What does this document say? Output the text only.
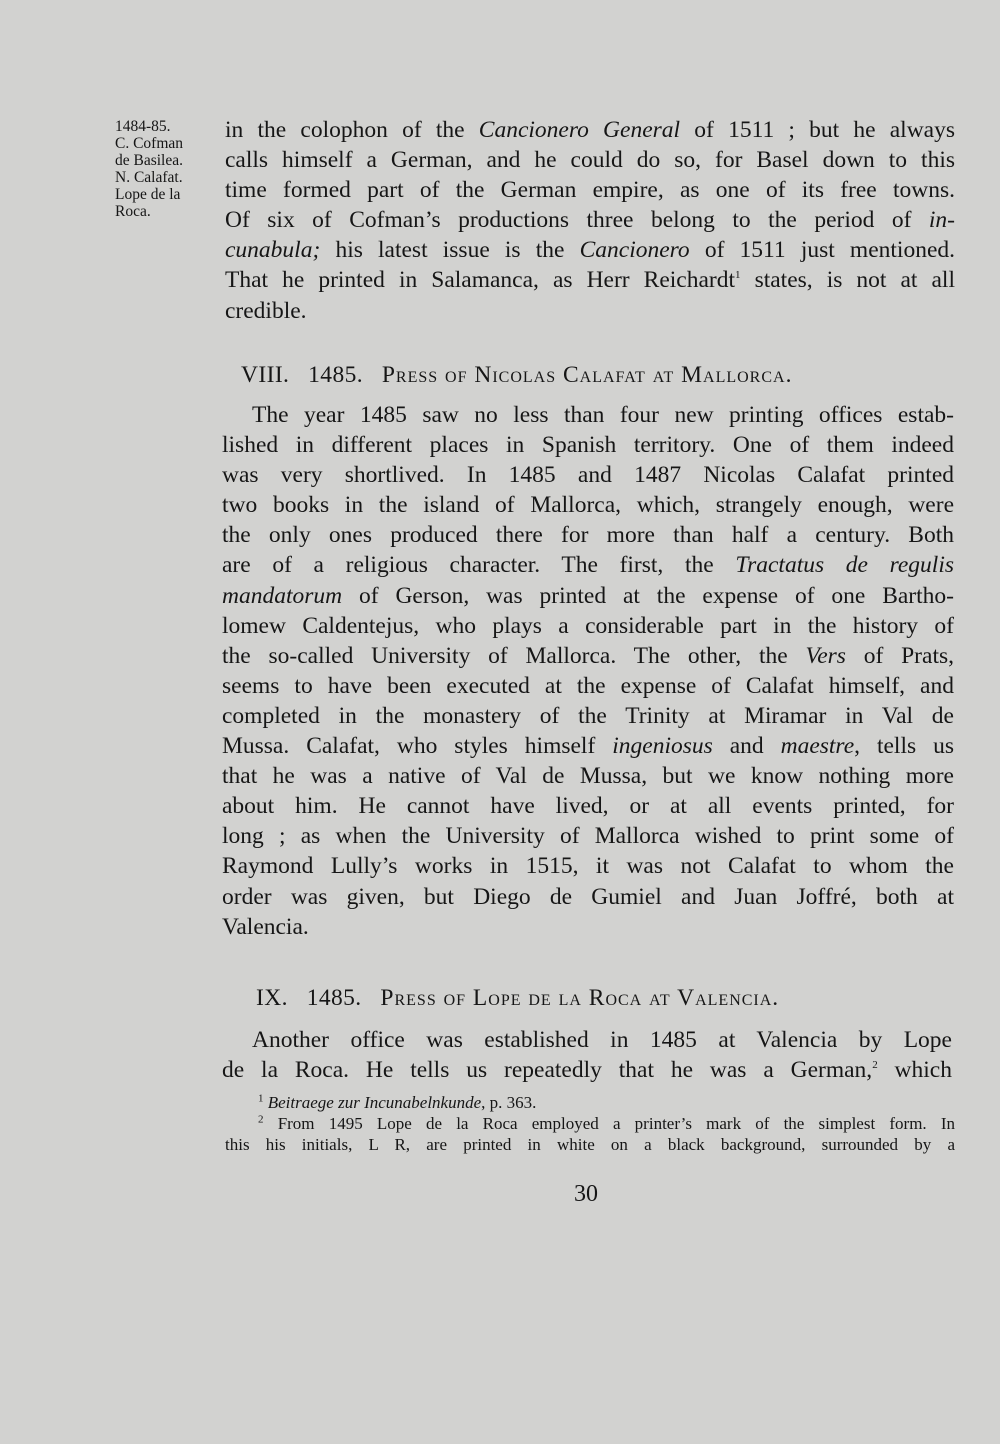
1484-85.
C. Cofman
de Basilea.
N. Calafat.
Lope de la
Roca.
in the colophon of the Cancionero General of 1511 ; but he always
calls himself a German, and he could do so, for Basel down to this
time formed part of the German empire, as one of its free towns.
Of six of Cofman’s productions three belong to the period of in-
cunabula; his latest issue is the Cancionero of 1511 just mentioned.
That he printed in Salamanca, as Herr Reichardt$^1$ states, is not at all
credible.
VIII. 1485. Press of Nicolas Calafat at Mallorca.
The year 1485 saw no less than four new printing offices estab-
lished in different places in Spanish territory. One of them indeed
was very shortlived. In 1485 and 1487 Nicolas Calafat printed
two books in the island of Mallorca, which, strangely enough, were
the only ones produced there for more than half a century. Both
are of a religious character. The first, the Tractatus de regulis
mandatorum of Gerson, was printed at the expense of one Bartho-
lomew Caldentejus, who plays a considerable part in the history of
the so-called University of Mallorca. The other, the Vers of Prats,
seems to have been executed at the expense of Calafat himself, and
completed in the monastery of the Trinity at Miramar in Val de
Mussa. Calafat, who styles himself ingeniosus and maestre, tells us
that he was a native of Val de Mussa, but we know nothing more
about him. He cannot have lived, or at all events printed, for
long ; as when the University of Mallorca wished to print some of
Raymond Lully’s works in 1515, it was not Calafat to whom the
order was given, but Diego de Gumiel and Juan Joffré, both at
Valencia.
IX. 1485. Press of Lope de la Roca at Valencia.
Another office was established in 1485 at Valencia by Lope
de la Roca. He tells us repeatedly that he was a German,$^2$ which
$^1$ Beitraege zur Incunabelnkunde, p. 363.
$^2$ From 1495 Lope de la Roca employed a printer’s mark of the simplest form. In
this his initials, L R, are printed in white on a black background, surrounded by a
30
